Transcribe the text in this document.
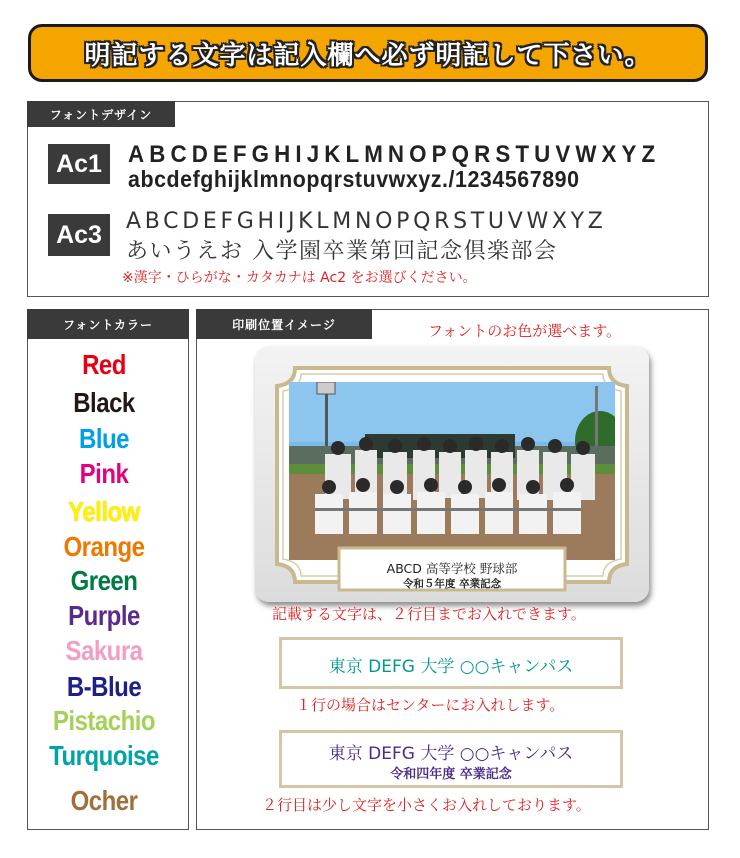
明記する文字は記入欄へ必ず明記して下さい。
フォントデザイン
Ac1 ABCDEFGHIJKLMNOPQRSTUVWXYZ
abcdefghijklmnopqrstuvwxyz./1234567890
Ac3 ABCDEFGHIJKLMNOPQRSTUVWXYZ
あいうえお 入学園卒業第回記念倶楽部会
※漢字・ひらがな・カタカナは Ac2 をお選びください。
フォントカラー
Red
Black
Blue
Pink
Yellow
Orange
Green
Purple
Sakura
B-Blue
Pistachio
Turquoise
Ocher
印刷位置イメージ	フォントのお色が選べます。
ABCD 高等学校 野球部
令和５年度 卒業記念
記載する文字は、２行目までお入れできます。
東京 DEFG 大学 ○○キャンパス
１行の場合はセンターにお入れします。
東京 DEFG 大学 ○○キャンパス
令和四年度 卒業記念
２行目は少し文字を小さくお入れしております。
